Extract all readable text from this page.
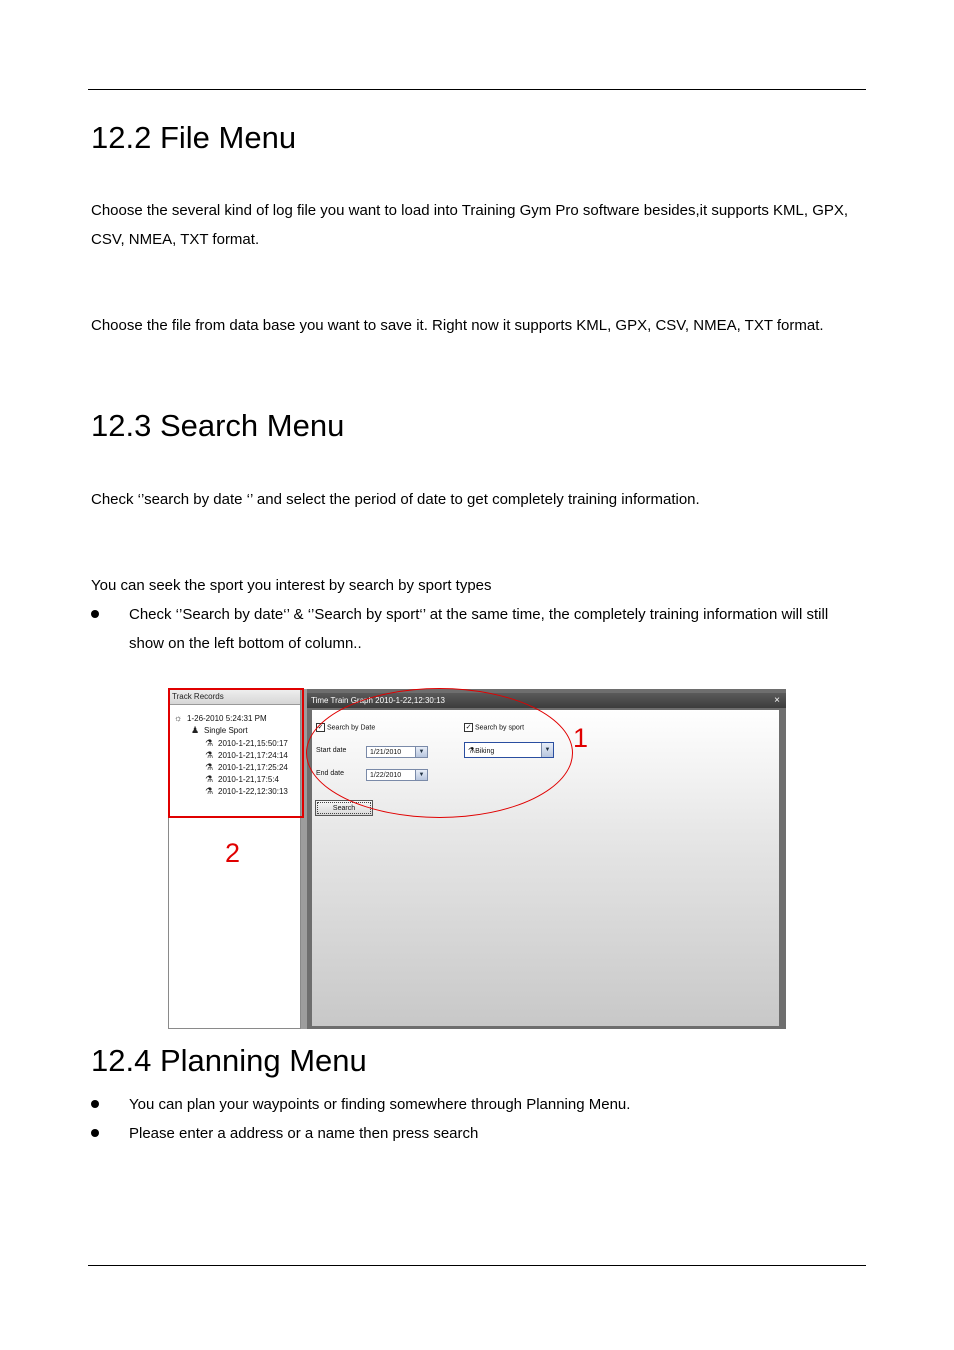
12.2 File Menu

Choose the several kind of log file you want to load into Training Gym Pro software besides,it supports KML, GPX, CSV, NMEA, TXT format.

Choose the file from data base you want to save it. Right now it supports KML, GPX, CSV, NMEA, TXT format.

12.3 Search Menu

Check ‘’search by date ‘’ and select the period of date to get completely training information.

You can seek the sport you interest by search by sport types

Check ‘’Search by date‘’ & ‘’Search by sport‘’ at the same time, the completely training information will still show on the left bottom of column..
Track Records
☼ 1-26-2010 5:24:31 PM
♟ Single Sport
⚗ 2010-1-21,15:50:17
⚗ 2010-1-21,17:24:14
⚗ 2010-1-21,17:25:24
⚗ 2010-1-21,17:5:4
⚗ 2010-1-22,12:30:13
Time Train Graph 2010-1-22,12:30:13	×
✓ Search by Date	✓ Search by sport
Start date	1/21/2010	▼
End date	1/22/2010	▼
⚗Biking	▼
Search
1
2
12.4 Planning Menu
You can plan your waypoints or finding somewhere through Planning Menu.
Please enter a address or a name then press search
